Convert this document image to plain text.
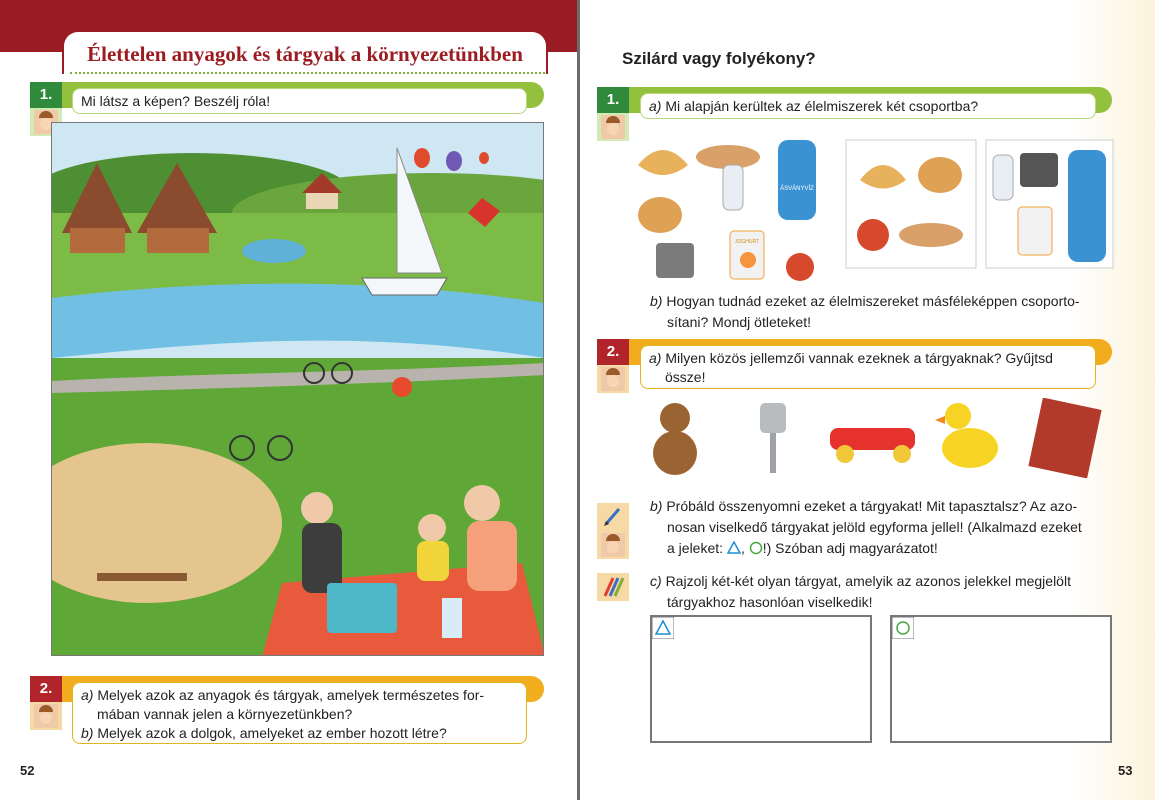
Élettelen anyagok és tárgyak a környezetünkben
1.	Mi látsz a képen? Beszélj róla!
2.	a) Melyek azok az anyagok és tárgyak, amelyek természetes for-
mában vannak jelen a környezetünkben?
b) Melyek azok a dolgok, amelyeket az ember hozott létre?
52
Szilárd vagy folyékony?
1.	a) Mi alapján kerültek az élelmiszerek két csoportba?
ÁSVÁNYVÍZ
JOGHURT
b) Hogyan tudnád ezeket az élelmiszereket másféleképpen csoporto-
sítani? Mondj ötleteket!
2.	a) Milyen közös jellemzői vannak ezeknek a tárgyaknak? Gyűjtsd
össze!
b) Próbáld összenyomni ezeket a tárgyakat! Mit tapasztalsz? Az azo-
nosan viselkedő tárgyakat jelöld egyforma jellel! (Alkalmazd ezeket
a jeleket: , !) Szóban adj magyarázatot!
c) Rajzolj két-két olyan tárgyat, amelyik az azonos jelekkel megjelölt
tárgyakhoz hasonlóan viselkedik!
53
